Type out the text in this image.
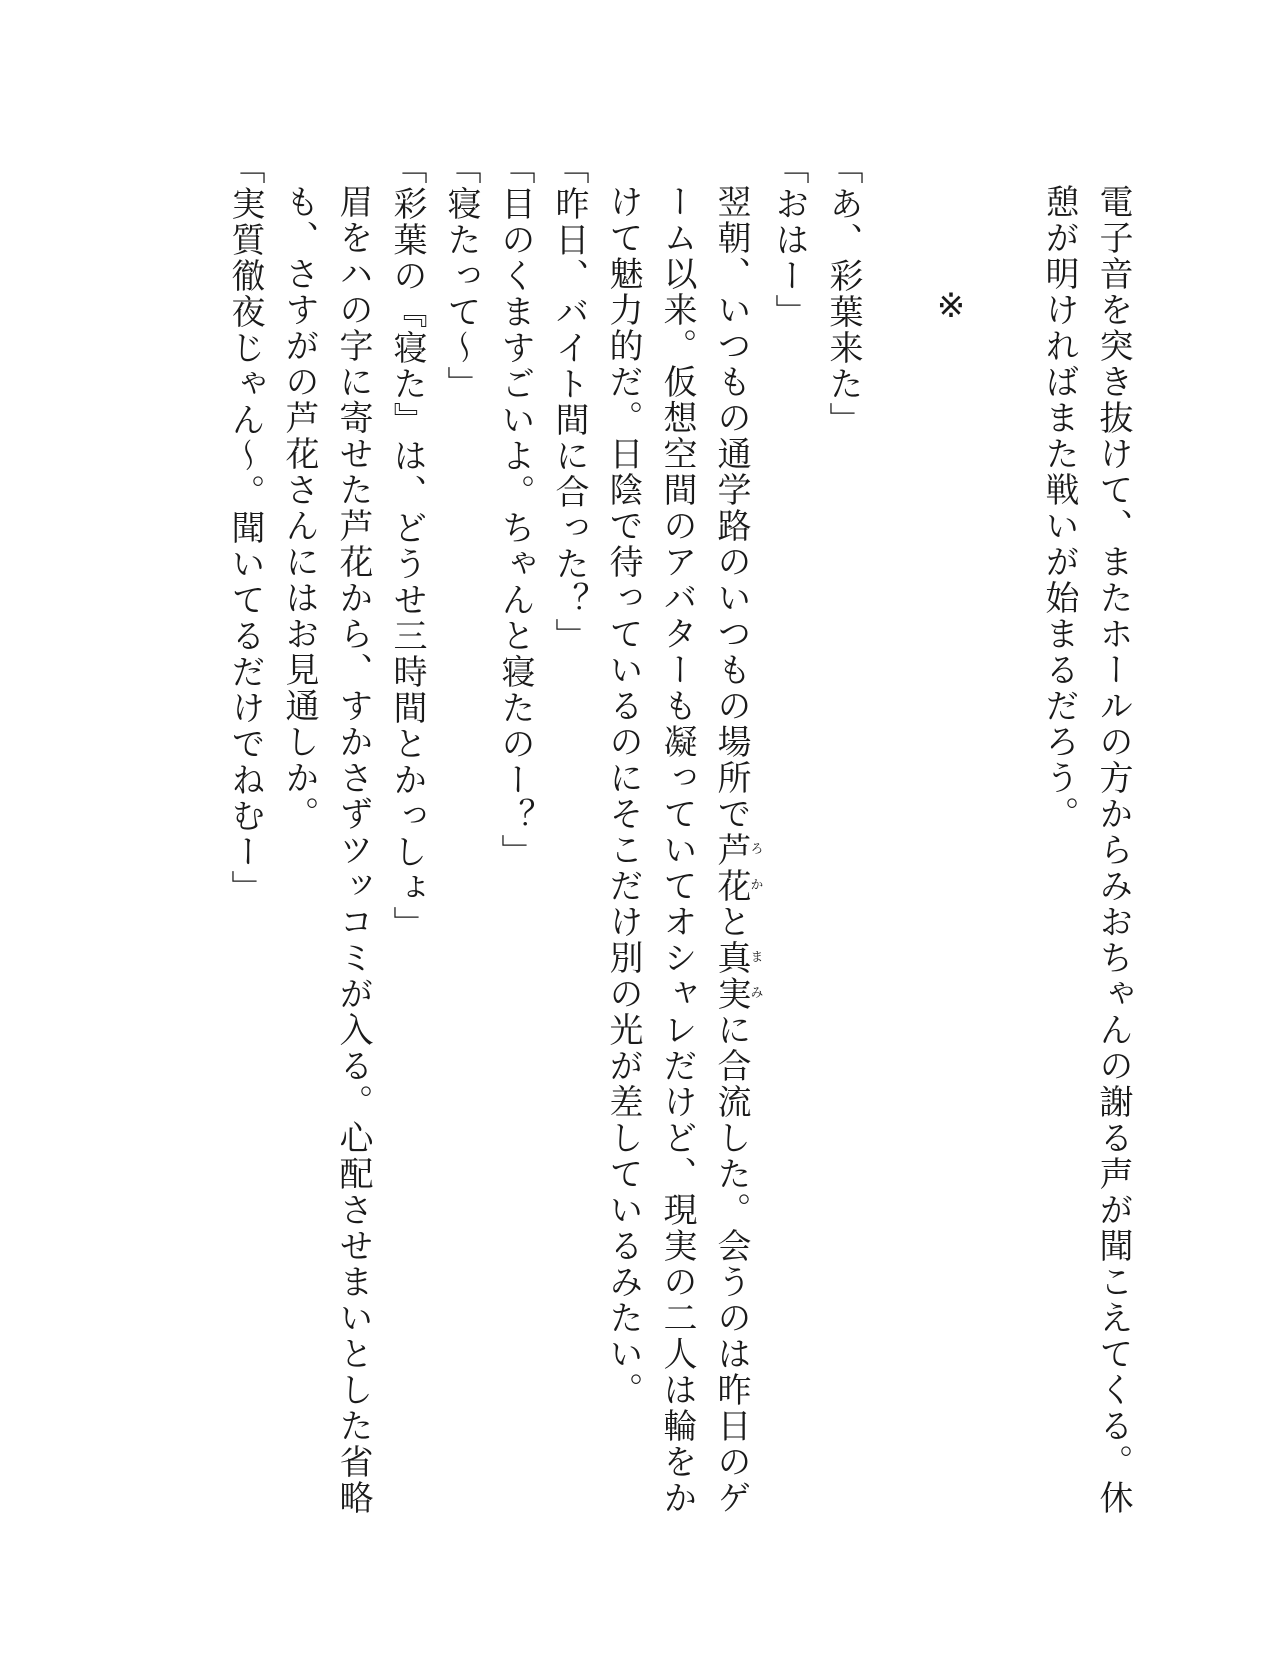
電子音を突き抜けて、またホールの方からみおちゃんの謝る声が聞こえてくる。休憩が明ければまた戦いが始まるだろう。

※

「あ、彩葉来た」

「おはー」

翌朝、いつもの通学路のいつもの場所で芦花ろかと真実まみに合流した。会うのは昨日のゲーム以来。仮想空間のアバターも凝っていてオシャレだけど、現実の二人は輪をかけて魅力的だ。日陰で待っているのにそこだけ別の光が差しているみたい。

「昨日、バイト間に合った？」

「目のくますごいよ。ちゃんと寝たのー？」

「寝たって〜」

「彩葉の『寝た』は、どうせ三時間とかっしょ」

眉をハの字に寄せた芦花から、すかさずツッコミが入る。心配させまいとした省略も、さすがの芦花さんにはお見通しか。

「実質徹夜じゃん〜。聞いてるだけでねむー」
